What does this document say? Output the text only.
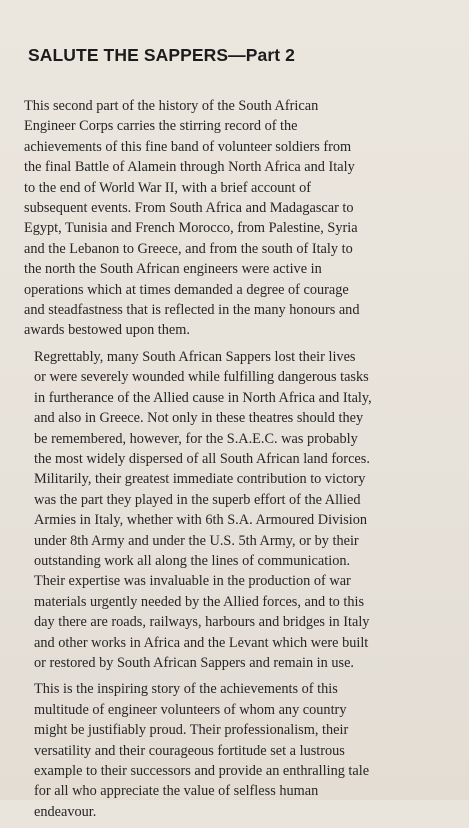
SALUTE THE SAPPERS—Part 2

This second part of the history of the South African
Engineer Corps carries the stirring record of the
achievements of this fine band of volunteer soldiers from
the final Battle of Alamein through North Africa and Italy
to the end of World War II, with a brief account of
subsequent events. From South Africa and Madagascar to
Egypt, Tunisia and French Morocco, from Palestine, Syria
and the Lebanon to Greece, and from the south of Italy to
the north the South African engineers were active in
operations which at times demanded a degree of courage
and steadfastness that is reflected in the many honours and
awards bestowed upon them.

Regrettably, many South African Sappers lost their lives
or were severely wounded while fulfilling dangerous tasks
in furtherance of the Allied cause in North Africa and Italy,
and also in Greece. Not only in these theatres should they
be remembered, however, for the S.A.E.C. was probably
the most widely dispersed of all South African land forces.
Militarily, their greatest immediate contribution to victory
was the part they played in the superb effort of the Allied
Armies in Italy, whether with 6th S.A. Armoured Division
under 8th Army and under the U.S. 5th Army, or by their
outstanding work all along the lines of communication.
Their expertise was invaluable in the production of war
materials urgently needed by the Allied forces, and to this
day there are roads, railways, harbours and bridges in Italy
and other works in Africa and the Levant which were built
or restored by South African Sappers and remain in use.

This is the inspiring story of the achievements of this
multitude of engineer volunteers of whom any country
might be justifiably proud. Their professionalism, their
versatility and their courageous fortitude set a lustrous
example to their successors and provide an enthralling tale
for all who appreciate the value of selfless human
endeavour.
